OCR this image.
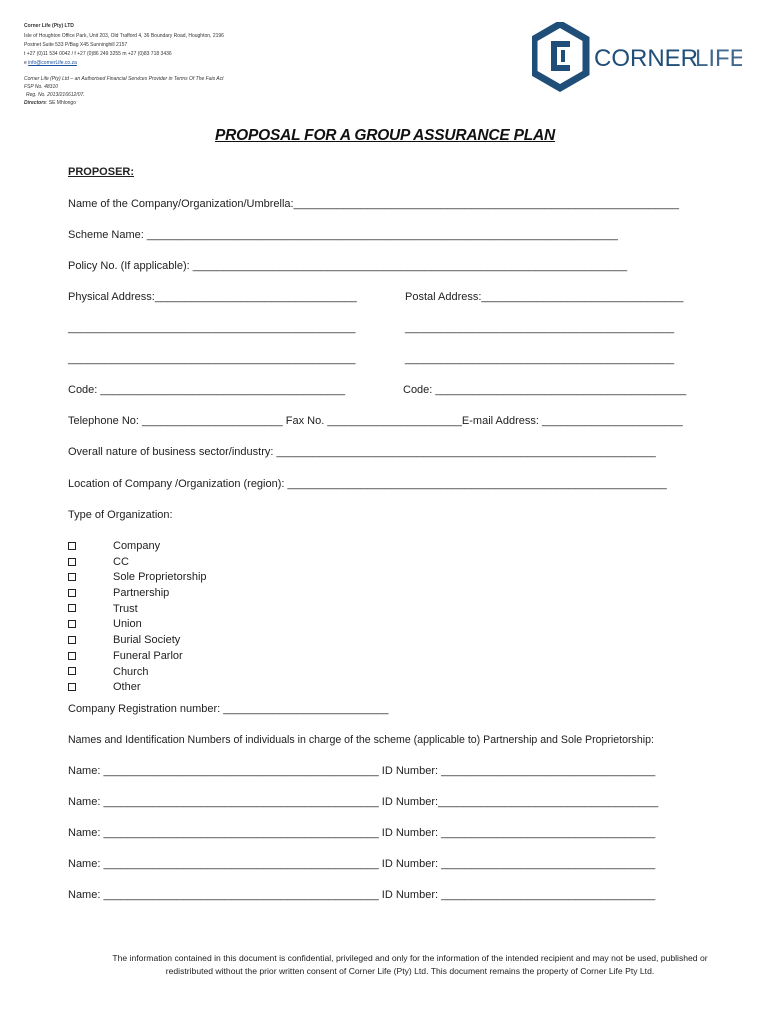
Corner Life (Pty) LTD
Isle of Houghton Office Park, Unit 203, Old Trafford 4, 36 Boundary Road, Houghton, 2196
Postnet Suite 533 P/Bag X45 Sunninghill 2157
t +27 (0)11 534 0042 / f +27 (0)86 249 3255 m +27 (0)83 718 3436
e info@cornerLife.co.za
Corner Life (Pty) Ltd – an Authorised Financial Services Provider in Terms Of The Fais Act
FSP No. 48310
Reg. No. 2013/216612/07.
Directors: SE Mhlongo
CORNER
LIFE
PROPOSAL FOR A GROUP ASSURANCE PLAN
PROPOSER:
Name of the Company/Organization/Umbrella:_______________________________________________________________
Scheme Name: _____________________________________________________________________________
Policy No. (If applicable): _______________________________________________________________________
Physical Address:_________________________________	Postal Address:_________________________________
_______________________________________________	____________________________________________
_______________________________________________	____________________________________________
Code: ________________________________________	Code: _________________________________________
Telephone No: _______________________ Fax No. ______________________E-mail Address: _______________________
Overall nature of business sector/industry: ______________________________________________________________
Location of Company /Organization (region): ______________________________________________________________
Type of Organization:
Company
CC
Sole Proprietorship
Partnership
Trust
Union
Burial Society
Funeral Parlor
Church
Other
Company Registration number: ___________________________
Names and Identification Numbers of individuals in charge of the scheme (applicable to) Partnership and Sole Proprietorship:
Name: _____________________________________________ ID Number: ___________________________________
Name: _____________________________________________ ID Number:____________________________________
Name: _____________________________________________ ID Number: ___________________________________
Name: _____________________________________________ ID Number: ___________________________________
Name: _____________________________________________ ID Number: ___________________________________
The information contained in this document is confidential, privileged and only for the information of the intended recipient and may not be used, published or
redistributed without the prior written consent of Corner Life (Pty) Ltd. This document remains the property of Corner Life Pty Ltd.
